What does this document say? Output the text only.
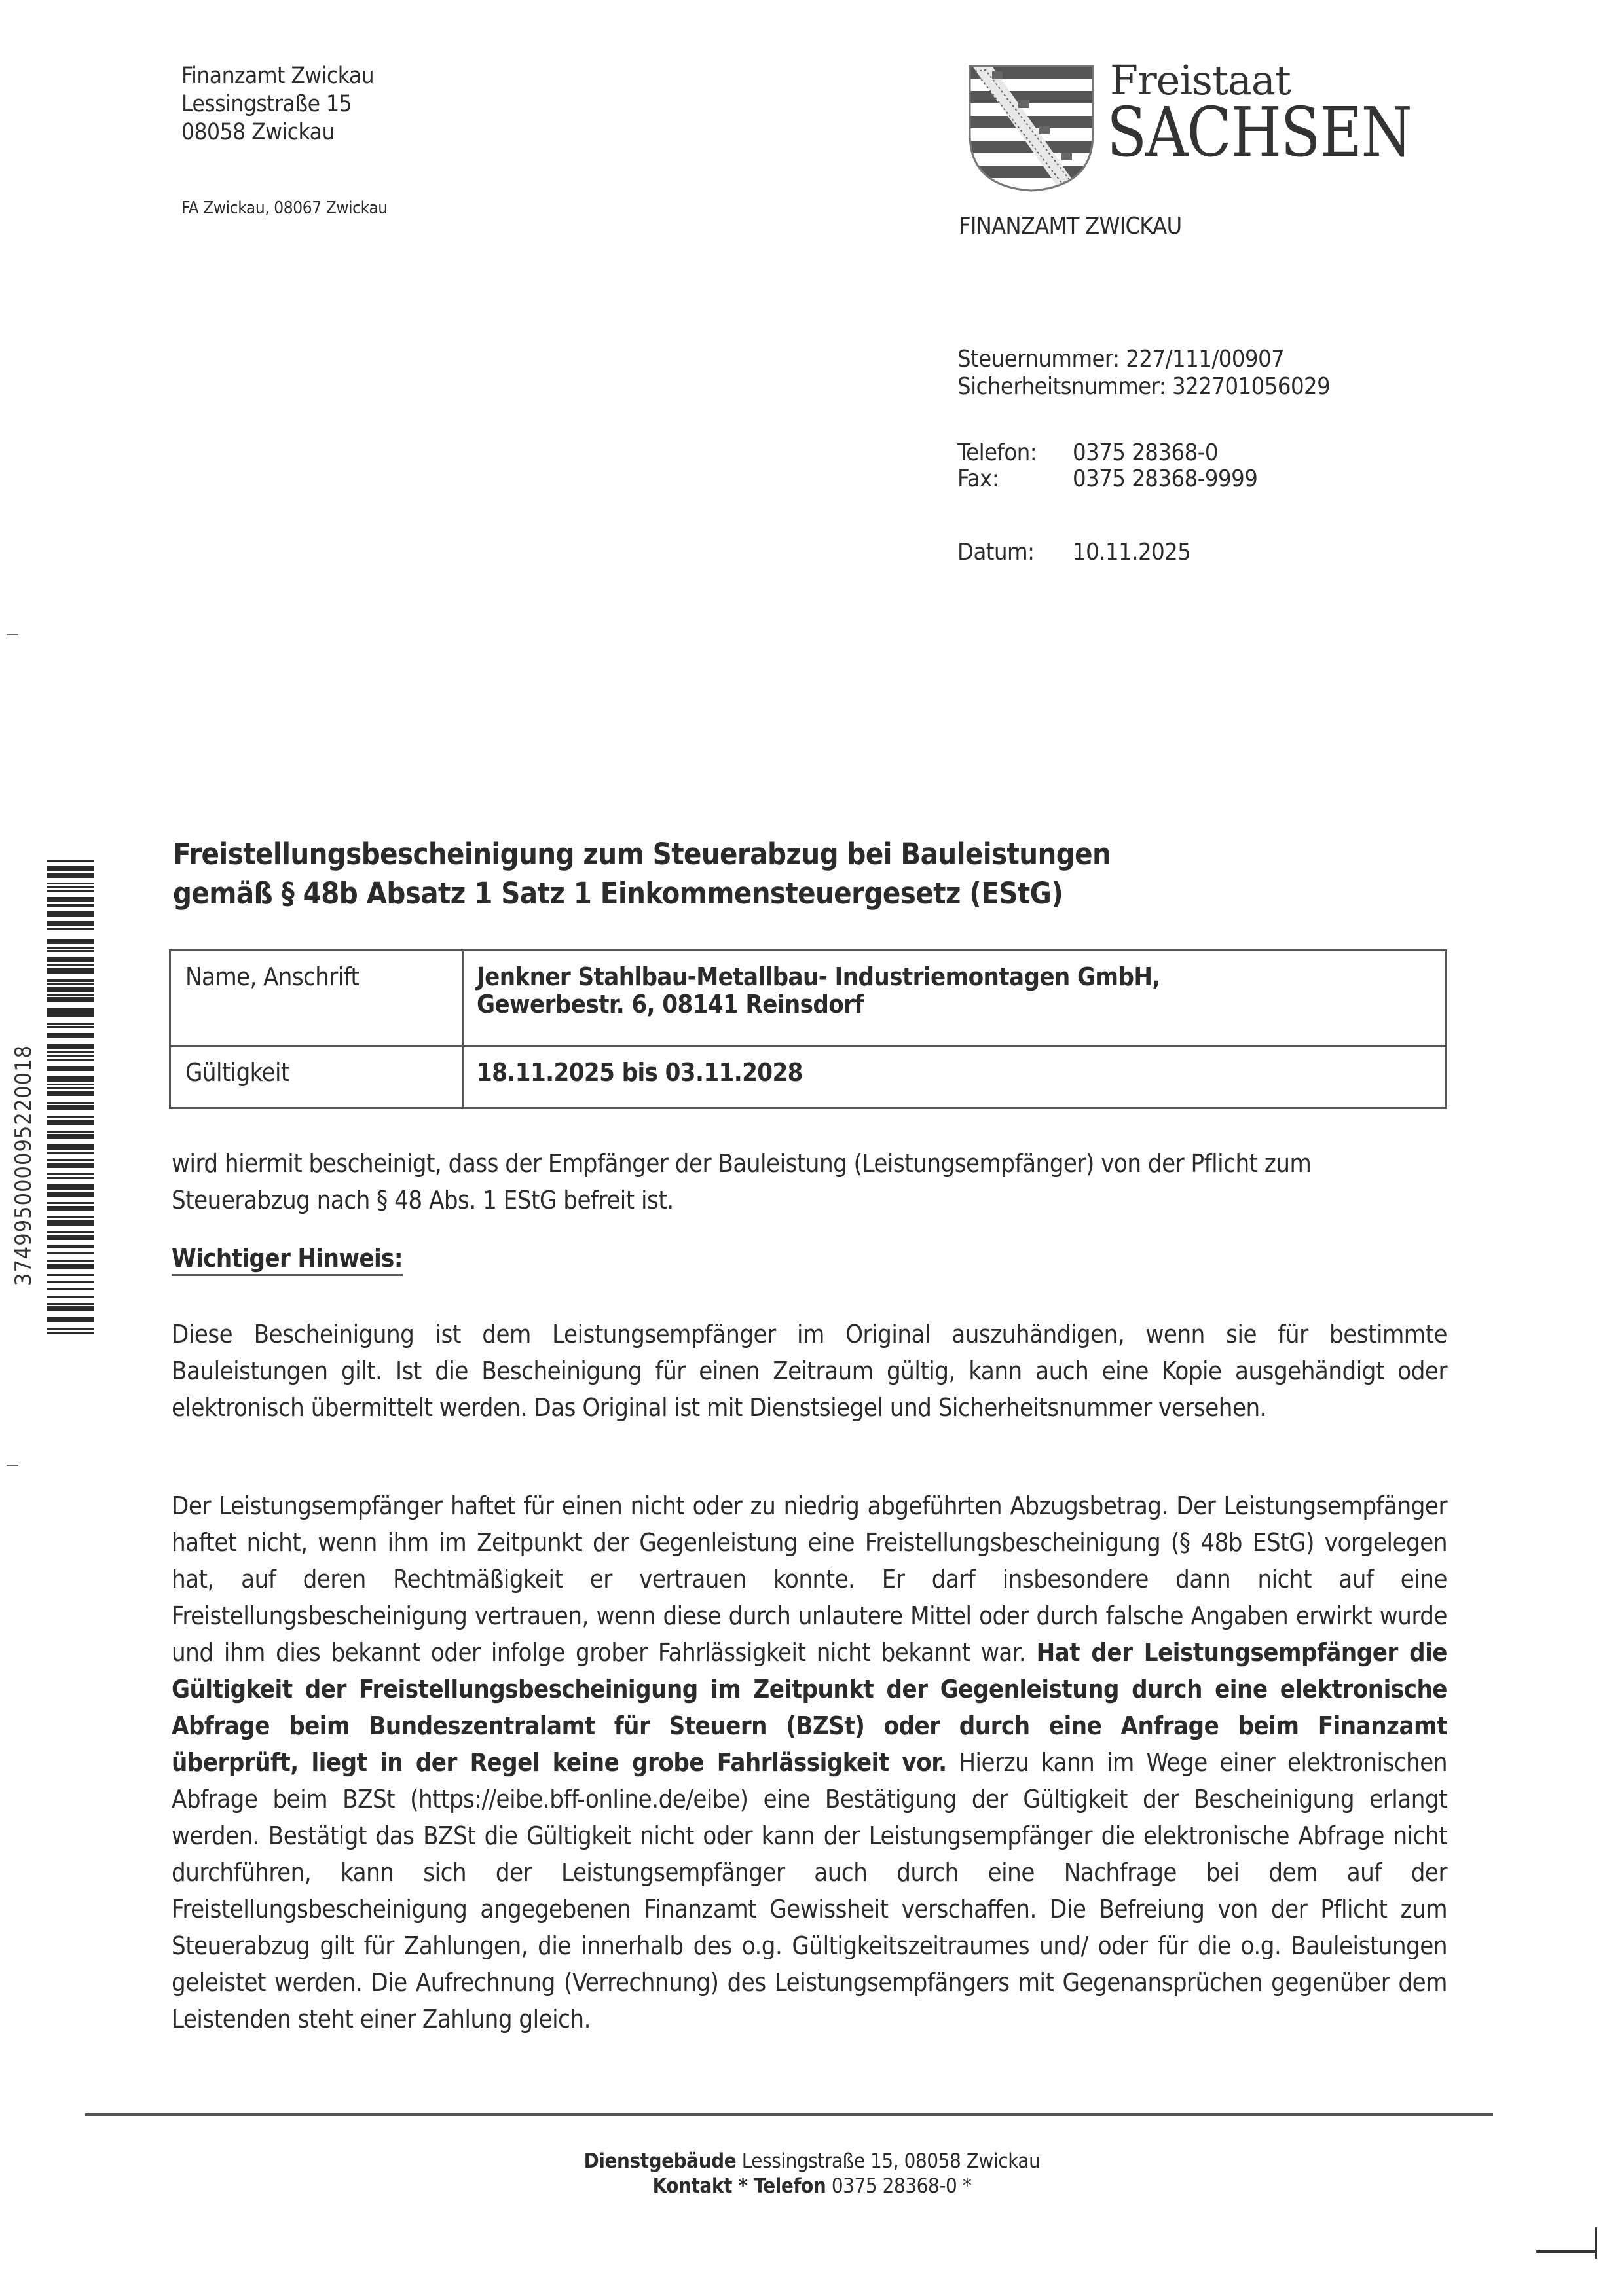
Finanzamt Zwickau
Lessingstraße 15
08058 Zwickau
FA Zwickau, 08067 Zwickau
Freistaat
SACHSEN
FINANZAMT ZWICKAU
Steuernummer: 227/111/00907
Sicherheitsnummer: 322701056029
Telefon:	0375 28368-0
Fax:	0375 28368-9999
Datum:	10.11.2025
374995000095220018
Freistellungsbescheinigung zum Steuerabzug bei Bauleistungen
gemäß § 48b Absatz 1 Satz 1 Einkommensteuergesetz (EStG)
Name, Anschrift	Jenkner Stahlbau-Metallbau- Industriemontagen GmbH,
Gewerbestr. 6, 08141 Reinsdorf

Gültigkeit	18.11.2025 bis 03.11.2028
wird hiermit bescheinigt, dass der Empfänger der Bauleistung (Leistungsempfänger) von der Pflicht zum Steuerabzug nach § 48 Abs. 1 EStG befreit ist.
Wichtiger Hinweis:
Diese Bescheinigung ist dem Leistungsempfänger im Original auszuhändigen, wenn sie für bestimmte Bauleistungen gilt. Ist die Bescheinigung für einen Zeitraum gültig, kann auch eine Kopie ausgehändigt oder elektronisch übermittelt werden. Das Original ist mit Dienstsiegel und Sicherheitsnummer versehen.
Der Leistungsempfänger haftet für einen nicht oder zu niedrig abgeführten Abzugsbetrag. Der Leistungsempfänger haftet nicht, wenn ihm im Zeitpunkt der Gegenleistung eine Freistellungsbescheinigung (§ 48b EStG) vorgelegen hat, auf deren Rechtmäßigkeit er vertrauen konnte. Er darf insbesondere dann nicht auf eine Freistellungsbescheinigung vertrauen, wenn diese durch unlautere Mittel oder durch falsche Angaben erwirkt wurde und ihm dies bekannt oder infolge grober Fahrlässigkeit nicht bekannt war. Hat der Leistungsempfänger die Gültigkeit der Freistellungsbescheinigung im Zeitpunkt der Gegenleistung durch eine elektronische Abfrage beim Bundeszentralamt für Steuern (BZSt) oder durch eine Anfrage beim Finanzamt überprüft, liegt in der Regel keine grobe Fahrlässigkeit vor. Hierzu kann im Wege einer elektronischen Abfrage beim BZSt (https://eibe.bff-online.de/eibe) eine Bestätigung der Gültigkeit der Bescheinigung erlangt werden. Bestätigt das BZSt die Gültigkeit nicht oder kann der Leistungsempfänger die elektronische Abfrage nicht durchführen, kann sich der Leistungsempfänger auch durch eine Nachfrage bei dem auf der Freistellungsbescheinigung angegebenen Finanzamt Gewissheit verschaffen. Die Befreiung von der Pflicht zum Steuerabzug gilt für Zahlungen, die innerhalb des o.g. Gültigkeitszeitraumes und/ oder für die o.g. Bauleistungen geleistet werden. Die Aufrechnung (Verrechnung) des Leistungsempfängers mit Gegenansprüchen gegenüber dem Leistenden steht einer Zahlung gleich.
Dienstgebäude Lessingstraße 15, 08058 Zwickau
Kontakt * Telefon 0375 28368-0 *
